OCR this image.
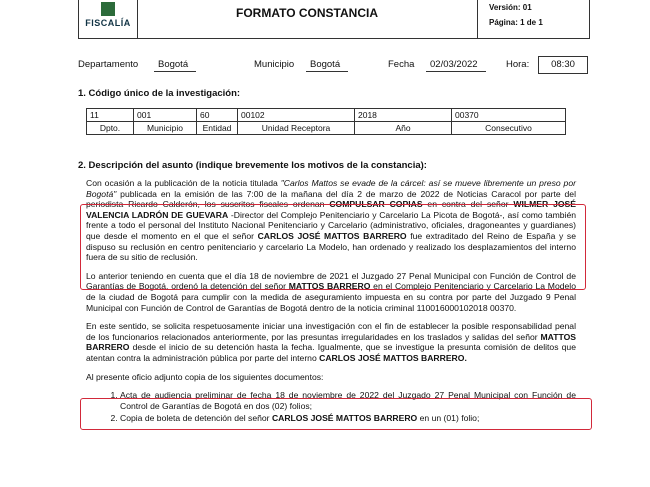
FISCALÍA
FORMATO CONSTANCIA	Versión: 01
Página: 1 de 1
Departamento	Bogotá	Municipio	Bogotá	Fecha	02/03/2022	Hora:	08:30
1. Código único de la investigación:
11	001	60	00102	2018	00370
Dpto.	Municipio	Entidad	Unidad Receptora	Año	Consecutivo
2. Descripción del asunto (indique brevemente los motivos de la constancia):

Con ocasión a la publicación de la noticia titulada "Carlos Mattos se evade de la cárcel: así se mueve libremente un preso por Bogotá" publicada en la emisión de las 7:00 de la mañana del día 2 de marzo de 2022 de Noticias Caracol por parte del periodista Ricardo Calderón, los suscritos fiscales ordenan COMPULSAR COPIAS en contra del señor WILMER JOSÉ VALENCIA LADRÓN DE GUEVARA -Director del Complejo Penitenciario y Carcelario La Picota de Bogotá-, así como también frente a todo el personal del Instituto Nacional Penitenciario y Carcelario (administrativo, oficiales, dragoneantes y guardianes) que desde el momento en el que el señor CARLOS JOSÉ MATTOS BARRERO fue extraditado del Reino de España y se dispuso su reclusión en centro penitenciario y carcelario La Modelo, han ordenado y realizado los desplazamientos del interno fuera de su sitio de reclusión.

Lo anterior teniendo en cuenta que el día 18 de noviembre de 2021 el Juzgado 27 Penal Municipal con Función de Control de Garantías de Bogotá, ordenó la detención del señor MATTOS BARRERO en el Complejo Penitenciario y Carcelario La Modelo de la ciudad de Bogotá para cumplir con la medida de aseguramiento impuesta en su contra por parte del Juzgado 9 Penal Municipal con Función de Control de Garantías de Bogotá dentro de la noticia criminal 110016000102018 00370.

En este sentido, se solicita respetuosamente iniciar una investigación con el fin de establecer la posible responsabilidad penal de los funcionarios relacionados anteriormente, por las presuntas irregularidades en los traslados y salidas del señor MATTOS BARRERO desde el inicio de su detención hasta la fecha. Igualmente, que se investigue la presunta comisión de delitos que atentan contra la administración pública por parte del interno CARLOS JOSÉ MATTOS BARRERO.

Al presente oficio adjunto copia de los siguientes documentos:

1. Acta de audiencia preliminar de fecha 18 de noviembre de 2022 del Juzgado 27 Penal Municipal con Función de Control de Garantías de Bogotá en dos (02) folios;
2. Copia de boleta de detención del señor CARLOS JOSÉ MATTOS BARRERO en un (01) folio;
